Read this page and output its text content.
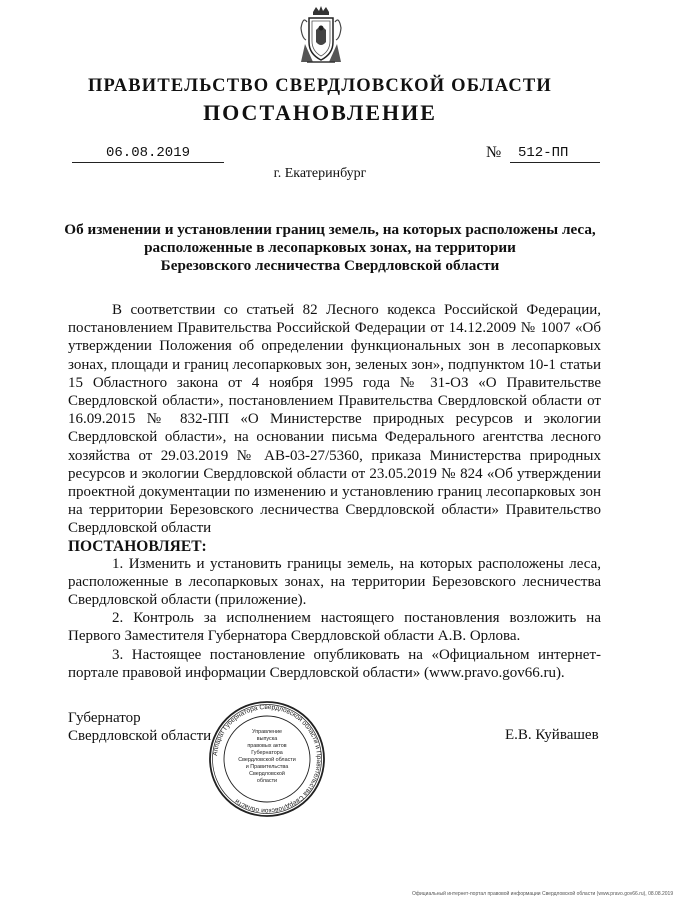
ПРАВИТЕЛЬСТВО СВЕРДЛОВСКОЙ ОБЛАСТИ
ПОСТАНОВЛЕНИЕ
06.08.2019	№	512-ПП
г. Екатеринбург
Об изменении и установлении границ земель, на которых расположены леса,
расположенные в лесопарковых зонах, на территории
Березовского лесничества Свердловской области

В соответствии со статьей 82 Лесного кодекса Российской Федерации, постановлением Правительства Российской Федерации от 14.12.2009 № 1007 «Об утверждении Положения об определении функциональных зон в лесопарковых зонах, площади и границ лесопарковых зон, зеленых зон», подпунктом 10-1 статьи 15 Областного закона от 4 ноября 1995 года № 31-ОЗ «О Правительстве Свердловской области», постановлением Правительства Свердловской области от 16.09.2015 № 832-ПП «О Министерстве природных ресурсов и экологии Свердловской области», на основании письма Федерального агентства лесного хозяйства от 29.03.2019 № АВ-03-27/5360, приказа Министерства природных ресурсов и экологии Свердловской области от 23.05.2019 № 824 «Об утверждении проектной документации по изменению и установлению границ лесопарковых зон на территории Березовского лесничества Свердловской области» Правительство Свердловской области

ПОСТАНОВЛЯЕТ:

1. Изменить и установить границы земель, на которых расположены леса, расположенные в лесопарковых зонах, на территории Березовского лесничества Свердловской области (приложение).

2. Контроль за исполнением настоящего постановления возложить на Первого Заместителя Губернатора Свердловской области А.В. Орлова.

3. Настоящее постановление опубликовать на «Официальном интернет-портале правовой информации Свердловской области» (www.pravo.gov66.ru).

Губернатор
Свердловской области	Е.В. Куйвашев
Аппарат Губернатора Свердловской области и Правительства Свердловской области
Управление
выпуска
правовых актов
Губернатора
Свердловской области
и Правительства
Свердловской
области
Официальный интернет-портал правовой информации Свердловской области (www.pravo.gov66.ru), 08.08.2019
